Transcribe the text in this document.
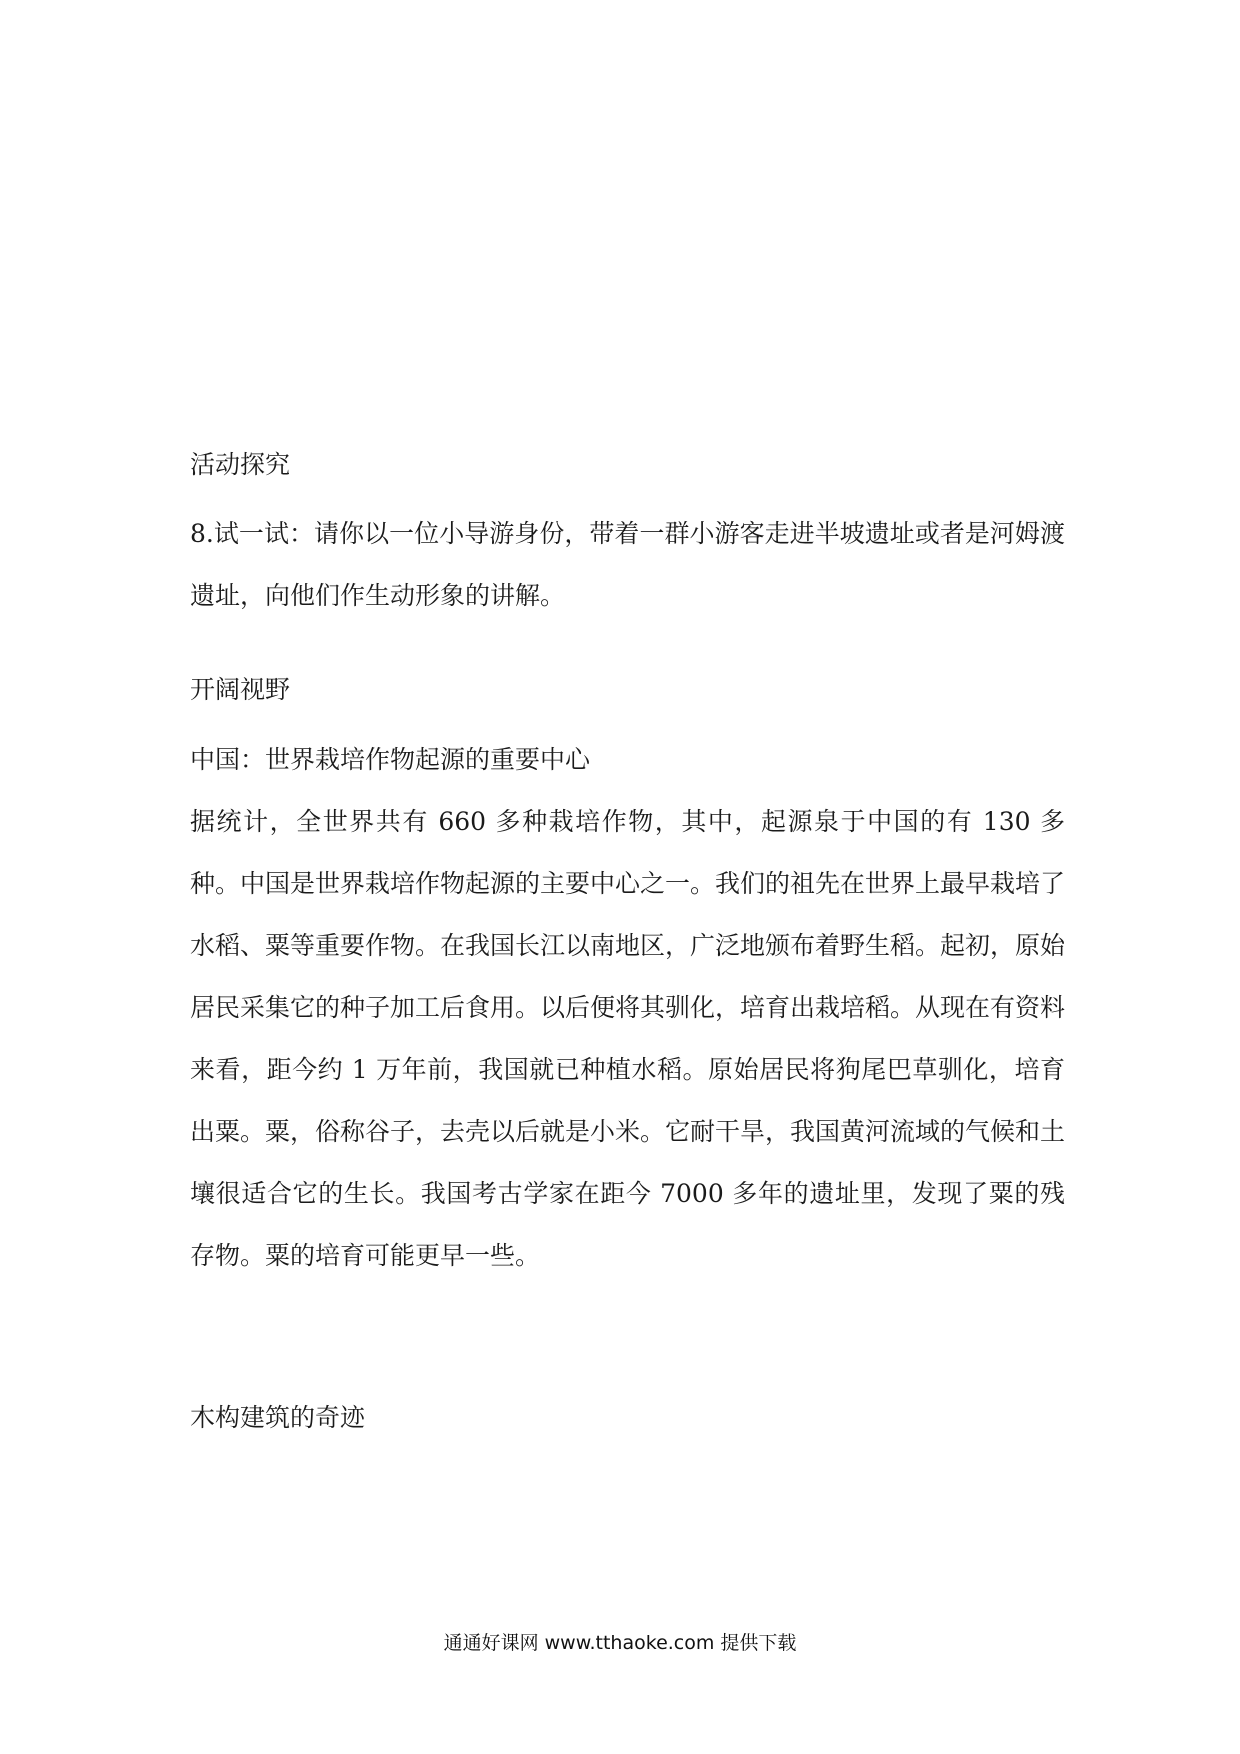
活动探究

8.试一试：请你以一位小导游身份，带着一群小游客走进半坡遗址或者是河姆渡遗址，向他们作生动形象的讲解。

开阔视野
中国：世界栽培作物起源的重要中心

据统计，全世界共有 660 多种栽培作物，其中，起源泉于中国的有 130 多种。中国是世界栽培作物起源的主要中心之一。我们的祖先在世界上最早栽培了水稻、粟等重要作物。在我国长江以南地区，广泛地颁布着野生稻。起初，原始居民采集它的种子加工后食用。以后便将其驯化，培育出栽培稻。从现在有资料来看，距今约 1 万年前，我国就已种植水稻。原始居民将狗尾巴草驯化，培育出粟。粟，俗称谷子，去壳以后就是小米。它耐干旱，我国黄河流域的气候和土壤很适合它的生长。我国考古学家在距今 7000 多年的遗址里，发现了粟的残存物。粟的培育可能更早一些。

木构建筑的奇迹
通通好课网 www.tthaoke.com 提供下载
